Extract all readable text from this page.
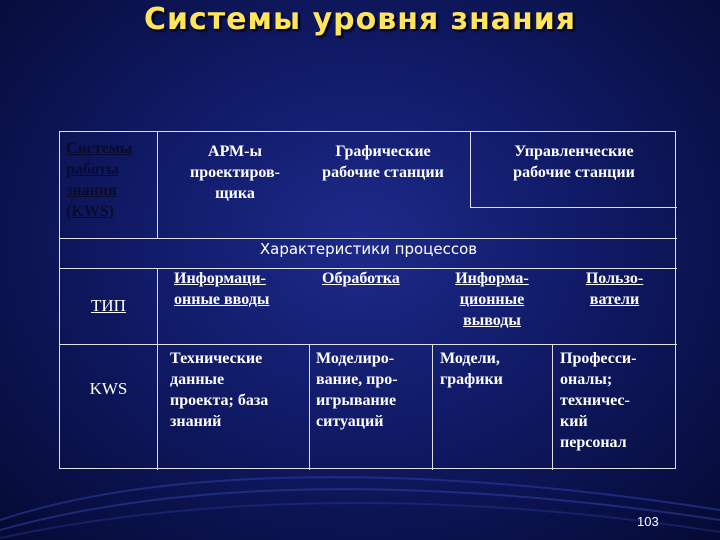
Системы уровня знания
Системы
работы
знания
(KWS)
АРМ-ы
проектиров-
щика
Графические
рабочие станции
Управленческие
рабочие станции
Характеристики процессов
ТИП
Информаци-
онные вводы
Обработка	Информа-
ционные
выводы
Пользо-
ватели
KWS
Технические
данные
проекта; база
знаний
Моделиро-
вание, про-
игрывание
ситуаций
Модели,
графики
Професси-
оналы;
техничес-
кий
персонал
103
